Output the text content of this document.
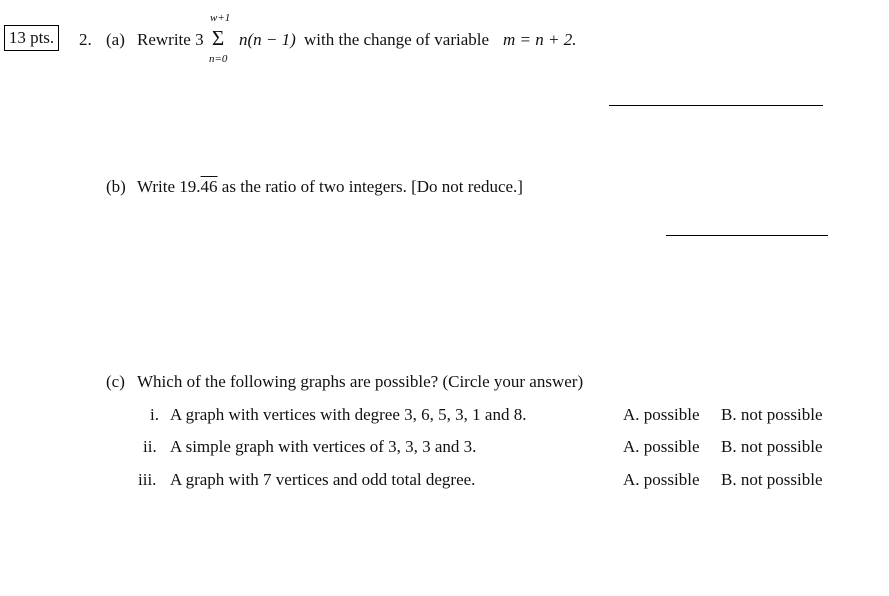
13 pts. 2. (a) Rewrite 3
w+1
Σ
n=0
n(n − 1) with the change of variable m = n + 2.
(b) Write 19.46 as the ratio of two integers. [Do not reduce.]
(c) Which of the following graphs are possible? (Circle your answer)
i. A graph with vertices with degree 3, 6, 5, 3, 1 and 8.	A. possible B. not possible
ii. A simple graph with vertices of 3, 3, 3 and 3.	A. possible B. not possible
iii. A graph with 7 vertices and odd total degree.	A. possible B. not possible
